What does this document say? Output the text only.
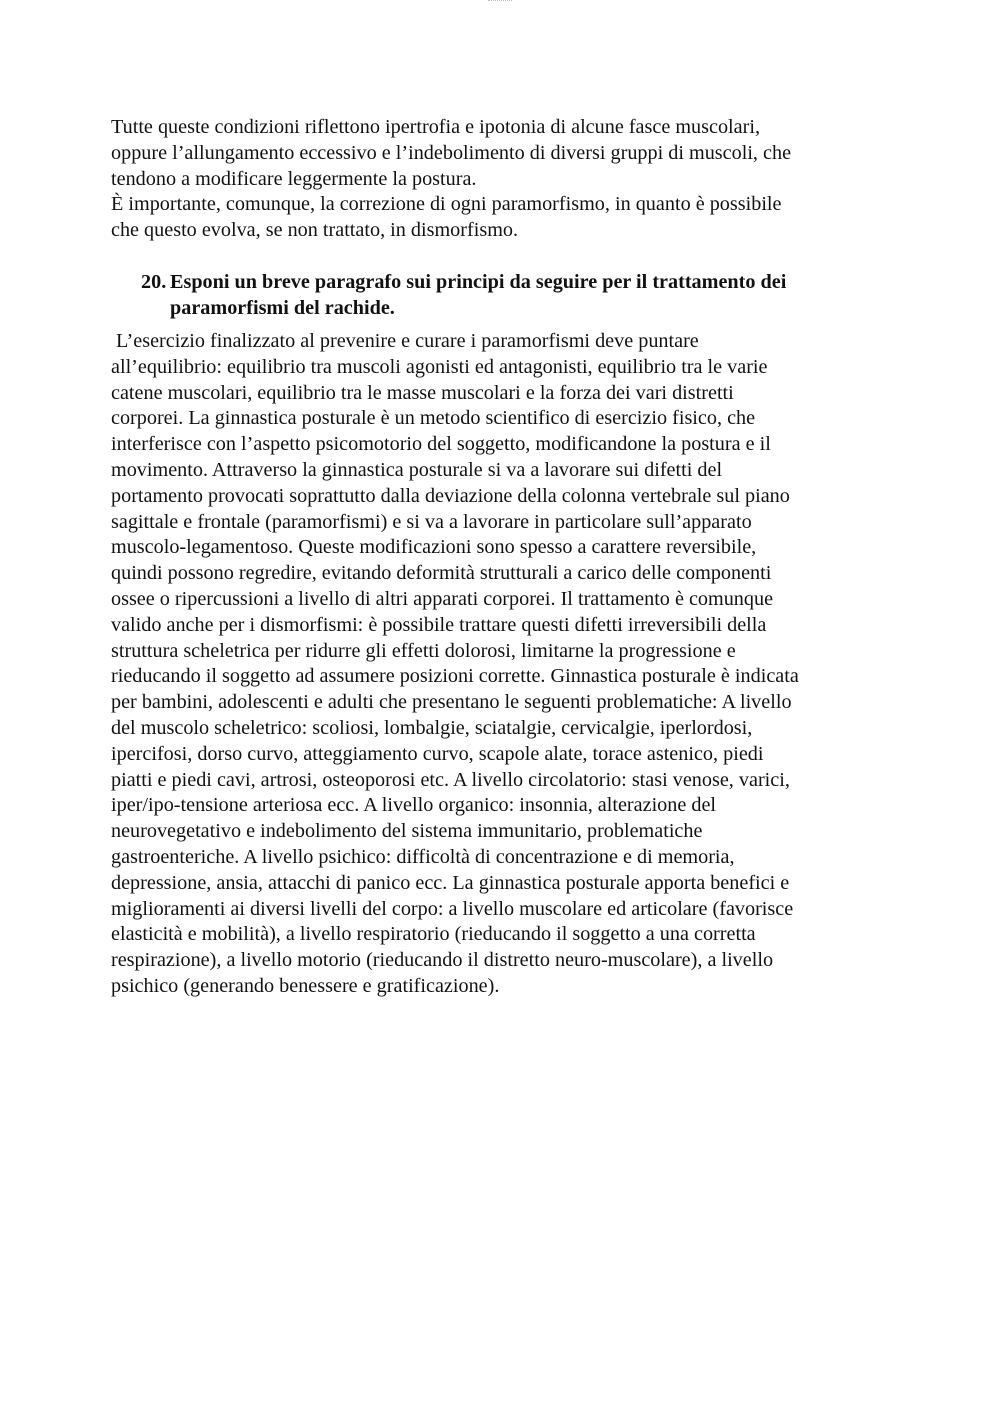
Tutte queste condizioni riflettono ipertrofia e ipotonia di alcune fasce muscolari,
oppure l’allungamento eccessivo e l’indebolimento di diversi gruppi di muscoli, che
tendono a modificare leggermente la postura.
È importante, comunque, la correzione di ogni paramorfismo, in quanto è possibile
che questo evolva, se non trattato, in dismorfismo.

20. Esponi un breve paragrafo sui principi da seguire per il trattamento dei
paramorfismi del rachide.

L’esercizio finalizzato al prevenire e curare i paramorfismi deve puntare
all’equilibrio: equilibrio tra muscoli agonisti ed antagonisti, equilibrio tra le varie
catene muscolari, equilibrio tra le masse muscolari e la forza dei vari distretti
corporei. La ginnastica posturale è un metodo scientifico di esercizio fisico, che
interferisce con l’aspetto psicomotorio del soggetto, modificandone la postura e il
movimento. Attraverso la ginnastica posturale si va a lavorare sui difetti del
portamento provocati soprattutto dalla deviazione della colonna vertebrale sul piano
sagittale e frontale (paramorfismi) e si va a lavorare in particolare sull’apparato
muscolo-legamentoso. Queste modificazioni sono spesso a carattere reversibile,
quindi possono regredire, evitando deformità strutturali a carico delle componenti
ossee o ripercussioni a livello di altri apparati corporei. Il trattamento è comunque
valido anche per i dismorfismi: è possibile trattare questi difetti irreversibili della
struttura scheletrica per ridurre gli effetti dolorosi, limitarne la progressione e
rieducando il soggetto ad assumere posizioni corrette. Ginnastica posturale è indicata
per bambini, adolescenti e adulti che presentano le seguenti problematiche: A livello
del muscolo scheletrico: scoliosi, lombalgie, sciatalgie, cervicalgie, iperlordosi,
ipercifosi, dorso curvo, atteggiamento curvo, scapole alate, torace astenico, piedi
piatti e piedi cavi, artrosi, osteoporosi etc. A livello circolatorio: stasi venose, varici,
iper/ipo-tensione arteriosa ecc. A livello organico: insonnia, alterazione del
neurovegetativo e indebolimento del sistema immunitario, problematiche
gastroenteriche. A livello psichico: difficoltà di concentrazione e di memoria,
depressione, ansia, attacchi di panico ecc. La ginnastica posturale apporta benefici e
miglioramenti ai diversi livelli del corpo: a livello muscolare ed articolare (favorisce
elasticità e mobilità), a livello respiratorio (rieducando il soggetto a una corretta
respirazione), a livello motorio (rieducando il distretto neuro-muscolare), a livello
psichico (generando benessere e gratificazione).
